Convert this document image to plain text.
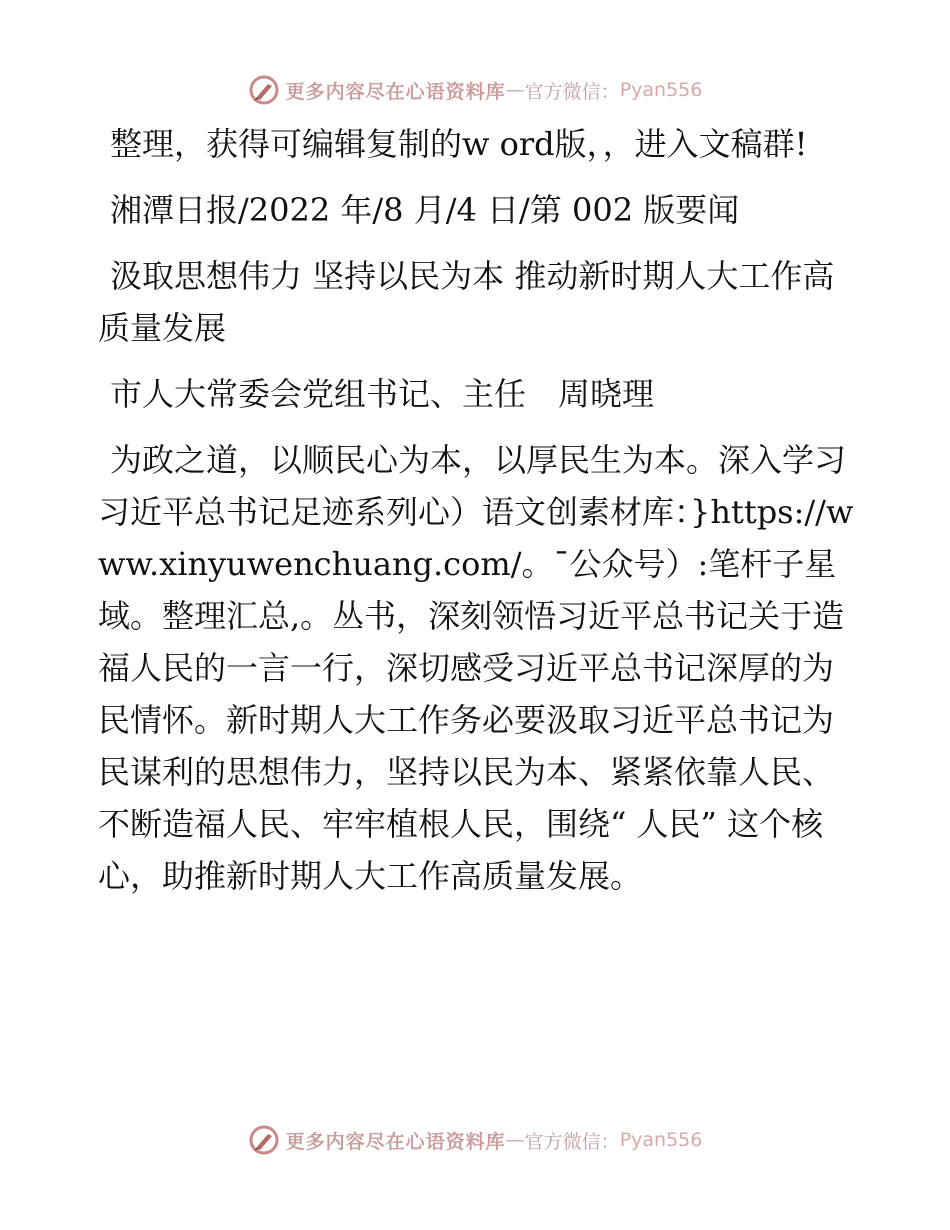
更多内容尽在心语资料库 — 官方微信： Pyan556

整理，获得可编辑复制的w ord版，，进入文稿群!

湘潭日报/2022 年/8 月/4 日/第 002 版要闻

汲取思想伟力 坚持以民为本 推动新时期人大工作高质量发展

市人大常委会党组书记、主任　周晓理

为政之道，以顺民心为本，以厚民生为本。深入学习习近平总书记足迹系列心）语文创素材库：}https://www.xinyuwenchuang.com/。¯公众号）:笔杆子星域。整理汇总,。丛书，深刻领悟习近平总书记关于造福人民的一言一行，深切感受习近平总书记深厚的为民情怀。新时期人大工作务必要汲取习近平总书记为民谋利的思想伟力，坚持以民为本、紧紧依靠人民、不断造福人民、牢牢植根人民，围绕“ 人民” 这个核心，助推新时期人大工作高质量发展。

更多内容尽在心语资料库 — 官方微信： Pyan556
